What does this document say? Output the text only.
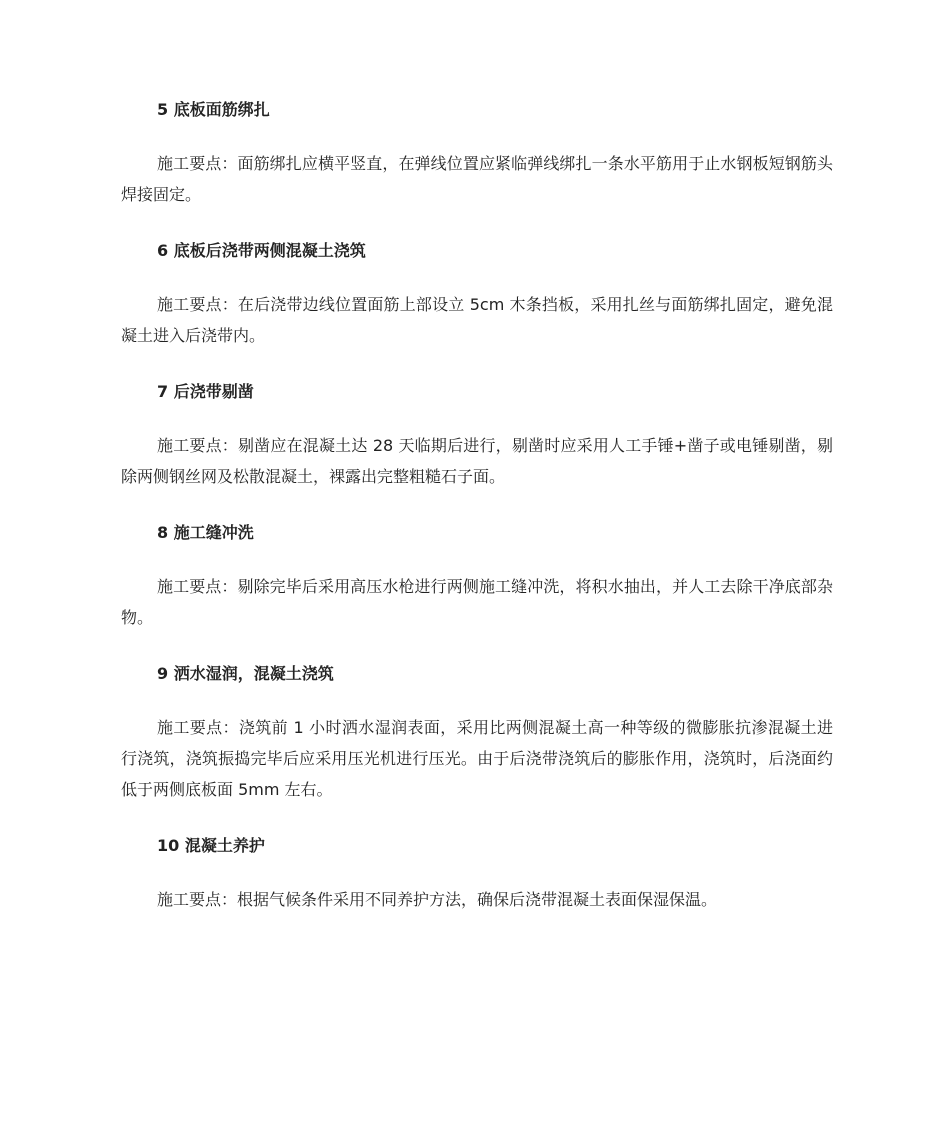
5 底板面筋绑扎

施工要点：面筋绑扎应横平竖直，在弹线位置应紧临弹线绑扎一条水平筋用于止水钢板短钢筋头焊接固定。

6 底板后浇带两侧混凝土浇筑

施工要点：在后浇带边线位置面筋上部设立 5cm 木条挡板，采用扎丝与面筋绑扎固定，避免混凝土进入后浇带内。

7 后浇带剔凿

施工要点：剔凿应在混凝土达 28 天临期后进行，剔凿时应采用人工手锤+凿子或电锤剔凿，剔除两侧钢丝网及松散混凝土，裸露出完整粗糙石子面。

8 施工缝冲洗

施工要点：剔除完毕后采用高压水枪进行两侧施工缝冲洗，将积水抽出，并人工去除干净底部杂物。

9 洒水湿润，混凝土浇筑

施工要点：浇筑前 1 小时洒水湿润表面，采用比两侧混凝土高一种等级的微膨胀抗渗混凝土进行浇筑，浇筑振捣完毕后应采用压光机进行压光。由于后浇带浇筑后的膨胀作用，浇筑时，后浇面约低于两侧底板面 5mm 左右。

10 混凝土养护

施工要点：根据气候条件采用不同养护方法，确保后浇带混凝土表面保湿保温。
